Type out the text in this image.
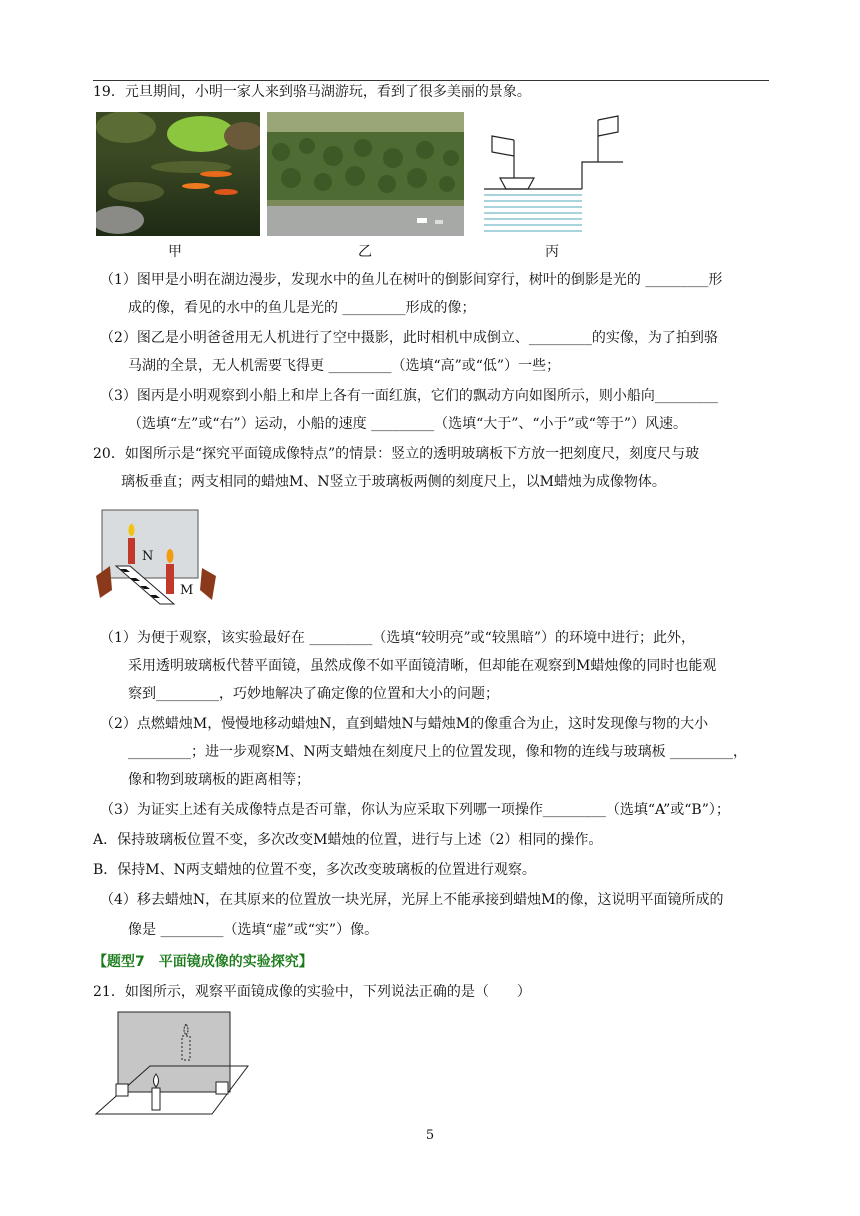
19．元旦期间，小明一家人来到骆马湖游玩，看到了很多美丽的景象。
甲	乙	丙
（1）图甲是小明在湖边漫步，发现水中的鱼儿在树叶的倒影间穿行，树叶的倒影是光的 _________形
成的像，看见的水中的鱼儿是光的 _________形成的像；
（2）图乙是小明爸爸用无人机进行了空中摄影，此时相机中成倒立、_________的实像，为了拍到骆
马湖的全景，无人机需要飞得更 _________（选填“高”或“低”）一些；
（3）图丙是小明观察到小船上和岸上各有一面红旗，它们的飘动方向如图所示，则小船向_________
（选填“左”或“右”）运动，小船的速度 _________（选填“大于”、“小于”或“等于”）风速。
20．如图所示是“探究平面镜成像特点”的情景：竖立的透明玻璃板下方放一把刻度尺，刻度尺与玻
璃板垂直；两支相同的蜡烛M、N竖立于玻璃板两侧的刻度尺上，以M蜡烛为成像物体。
N
M
（1）为便于观察，该实验最好在 _________（选填“较明亮”或“较黑暗”）的环境中进行；此外，
采用透明玻璃板代替平面镜，虽然成像不如平面镜清晰，但却能在观察到M蜡烛像的同时也能观
察到_________，巧妙地解决了确定像的位置和大小的问题；
（2）点燃蜡烛M，慢慢地移动蜡烛N，直到蜡烛N与蜡烛M的像重合为止，这时发现像与物的大小
_________；进一步观察M、N两支蜡烛在刻度尺上的位置发现，像和物的连线与玻璃板 _________，
像和物到玻璃板的距离相等；
（3）为证实上述有关成像特点是否可靠，你认为应采取下列哪一项操作_________（选填“A”或“B”）；
A．保持玻璃板位置不变，多次改变M蜡烛的位置，进行与上述（2）相同的操作。
B．保持M、N两支蜡烛的位置不变，多次改变玻璃板的位置进行观察。
（4）移去蜡烛N，在其原来的位置放一块光屏，光屏上不能承接到蜡烛M的像，这说明平面镜所成的
像是 _________（选填“虚”或“实”）像。
【题型7　平面镜成像的实验探究】
21．如图所示，观察平面镜成像的实验中，下列说法正确的是（　　）
5
